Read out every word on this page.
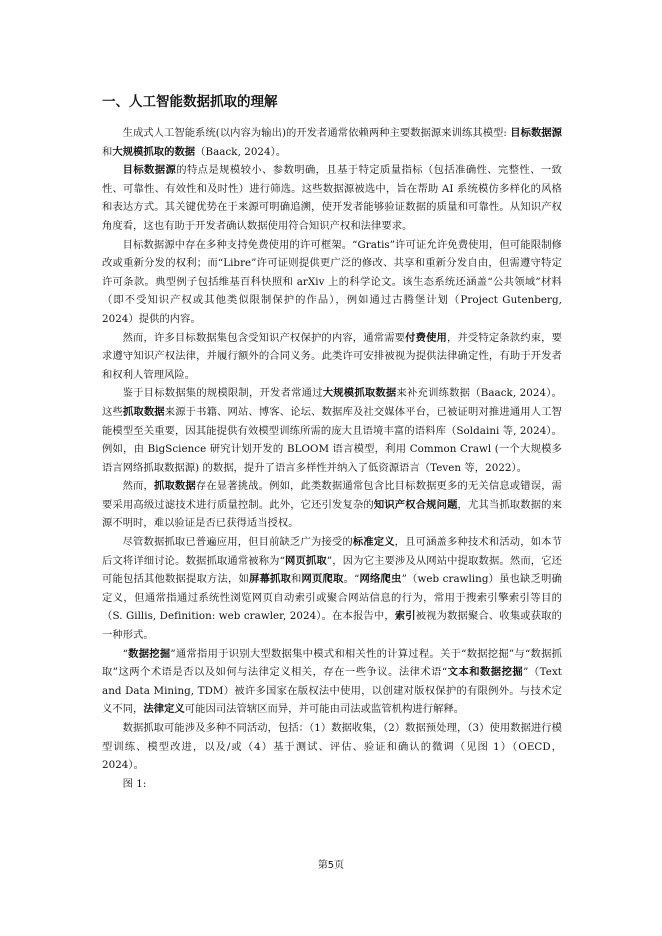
一、人工智能数据抓取的理解

生成式人工智能系统(以内容为输出)的开发者通常依赖两种主要数据源来训练其模型: 目标数据源和大规模抓取的数据（Baack, 2024）。

目标数据源的特点是规模较小、参数明确，且基于特定质量指标（包括准确性、完整性、一致性、可靠性、有效性和及时性）进行筛选。这些数据源被选中，旨在帮助 AI 系统模仿多样化的风格和表达方式。其关键优势在于来源可明确追溯，使开发者能够验证数据的质量和可靠性。从知识产权角度看，这也有助于开发者确认数据使用符合知识产权和法律要求。

目标数据源中存在多种支持免费使用的许可框架。“Gratis”许可证允许免费使用，但可能限制修改或重新分发的权利；而“Libre”许可证则提供更广泛的修改、共享和重新分发自由，但需遵守特定许可条款。典型例子包括维基百科快照和 arXiv 上的科学论文。该生态系统还涵盖“公共领域”材料（即不受知识产权或其他类似限制保护的作品），例如通过古腾堡计划（Project Gutenberg, 2024）提供的内容。

然而，许多目标数据集包含受知识产权保护的内容，通常需要付费使用，并受特定条款约束，要求遵守知识产权法律，并履行额外的合同义务。此类许可安排被视为提供法律确定性，有助于开发者和权利人管理风险。

鉴于目标数据集的规模限制，开发者常通过大规模抓取数据来补充训练数据（Baack, 2024）。这些抓取数据来源于书籍、网站、博客、论坛、数据库及社交媒体平台，已被证明对推进通用人工智能模型至关重要，因其能提供有效模型训练所需的庞大且语境丰富的语料库（Soldaini 等, 2024）。例如，由 BigScience 研究计划开发的 BLOOM 语言模型，利用 Common Crawl (一个大规模多语言网络抓取数据源) 的数据，提升了语言多样性并纳入了低资源语言（Teven 等，2022）。

然而，抓取数据存在显著挑战。例如，此类数据通常包含比目标数据更多的无关信息或错误，需要采用高级过滤技术进行质量控制。此外，它还引发复杂的知识产权合规问题，尤其当抓取数据的来源不明时，难以验证是否已获得适当授权。

尽管数据抓取已普遍应用，但目前缺乏广为接受的标准定义，且可涵盖多种技术和活动，如本节后文将详细讨论。数据抓取通常被称为“网页抓取”，因为它主要涉及从网站中提取数据。然而，它还可能包括其他数据提取方法，如屏幕抓取和网页爬取。“网络爬虫”（web crawling）虽也缺乏明确定义，但通常指通过系统性浏览网页自动索引或聚合网站信息的行为，常用于搜索引擎索引等目的（S. Gillis, Definition: web crawler, 2024）。在本报告中，索引被视为数据聚合、收集或获取的一种形式。

“数据挖掘”通常指用于识别大型数据集中模式和相关性的计算过程。关于“数据挖掘”与“数据抓取”这两个术语是否以及如何与法律定义相关，存在一些争议。法律术语“文本和数据挖掘”（Text and Data Mining, TDM）被许多国家在版权法中使用，以创建对版权保护的有限例外。与技术定义不同，法律定义可能因司法管辖区而异，并可能由司法或监管机构进行解释。

数据抓取可能涉及多种不同活动，包括：（1）数据收集，（2）数据预处理，（3）使用数据进行模型训练、模型改进，以及/或（4）基于测试、评估、验证和确认的微调（见图 1）（OECD，2024）。

图 1:

第5页
